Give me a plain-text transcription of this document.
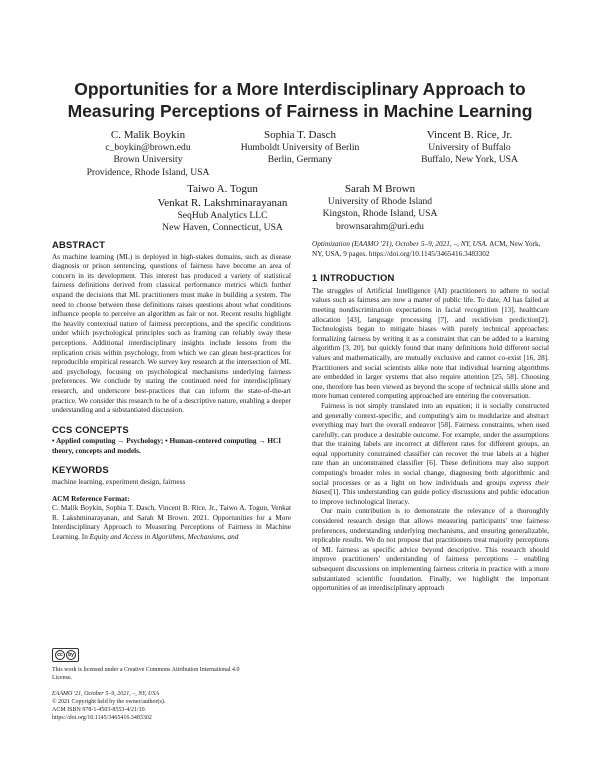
Opportunities for a More Interdisciplinary Approach to
Measuring Perceptions of Fairness in Machine Learning
C. Malik Boykin
c_boykin@brown.edu
Brown University
Providence, Rhode Island, USA
Sophia T. Dasch
Humboldt University of Berlin
Berlin, Germany
Vincent B. Rice, Jr.
University of Buffalo
Buffalo, New York, USA
Taiwo A. Togun
Venkat R. Lakshminarayanan
SeqHub Analytics LLC
New Haven, Connecticut, USA
Sarah M Brown
University of Rhode Island
Kingston, Rhode Island, USA
brownsarahm@uri.edu
ABSTRACT

As machine learning (ML) is deployed in high-stakes domains, such as disease diagnosis or prison sentencing, questions of fairness have become an area of concern in its development. This interest has produced a variety of statistical fairness definitions derived from classical performance metrics which further expand the decisions that ML practitioners must make in building a system. The need to choose between these definitions raises questions about what conditions influence people to perceive an algorithm as fair or not. Recent results highlight the heavily contextual nature of fairness perceptions, and the specific conditions under which psychological principles such as framing can reliably sway these perceptions. Additional interdisciplinary insights include lessons from the replication crisis within psychology, from which we can glean best-practices for reproducible empirical research. We survey key research at the intersection of ML and psychology, focusing on psychological mechanisms underlying fairness preferences. We conclude by stating the continued need for interdisciplinary research, and underscore best-practices that can inform the state-of-the-art practice. We consider this research to be of a descriptive nature, enabling a deeper understanding and a substantiated discussion.

CCS CONCEPTS

• Applied computing → Psychology; • Human-centered computing → HCI theory, concepts and models.

KEYWORDS

machine learning, experiment design, fairness

ACM Reference Format:

C. Malik Boykin, Sophia T. Dasch, Vincent B. Rice, Jr., Taiwo A. Togun, Venkat R. Lakshminarayanan, and Sarah M Brown. 2021. Opportunities for a More Interdisciplinary Approach to Measuring Perceptions of Fairness in Machine Learning. In Equity and Access in Algorithms, Mechanisms, and

cc	by
This work is licensed under a Creative Commons Attribution International 4.0 License.
EAAMO '21, October 5–9, 2021, –, NY, USA
© 2021 Copyright held by the owner/author(s).
ACM ISBN 978-1-4503-8553-4/21/10.
https://doi.org/10.1145/3465416.3483302

Optimization (EAAMO '21), October 5–9, 2021, –, NY, USA. ACM, New York, NY, USA, 9 pages. https://doi.org/10.1145/3465416.3483302

1 INTRODUCTION

The struggles of Artificial Intelligence (AI) practitioners to adhere to social values such as fairness are now a matter of public life. To date, AI has failed at meeting nondiscrimination expectations in facial recognition [13], healthcare allocation [43], language processing [7], and recidivism prediction[2]. Technologists began to mitigate biases with purely technical approaches: formalizing fairness by writing it as a constraint that can be added to a learning algorithm [3, 20], but quickly found that many definitions hold different social values and mathematically, are mutually exclusive and cannot co-exist [16, 28]. Practitioners and social scientists alike note that individual learning algorithms are embedded in larger systems that also require attention [25, 58]. Choosing one, therefore has been viewed as beyond the scope of technical skills alone and more human centered computing approached are entering the conversation.

Fairness is not simply translated into an equation; it is socially constructed and generally context-specific, and computing's aim to modularize and abstract everything may hurt the overall endeavor [58]. Fairness constraints, when used carefully, can produce a desirable outcome. For example, under the assumptions that the training labels are incorrect at different rates for different groups, an equal opportunity constrained classifier can recover the true labels at a higher rate than an unconstrained classifier [6]. These definitions may also support computing's broader roles in social change, diagnosing both algorithmic and social processes or as a light on how individuals and groups express their biases[1]. This understanding can guide policy discussions and public education to improve technological literacy.

Our main contribution is to demonstrate the relevance of a thoroughly considered research design that allows measuring participants' true fairness preferences, understanding underlying mechanisms, and ensuring generalizable, replicable results. We do not propose that practitioners treat majority perceptions of ML fairness as specific advice beyond descriptive. This research should improve practitioners' understanding of fairness perceptions – enabling subsequent discussions on implementing fairness criteria in practice with a more substantiated scientific foundation. Finally, we highlight the important opportunities of an interdisciplinary approach
